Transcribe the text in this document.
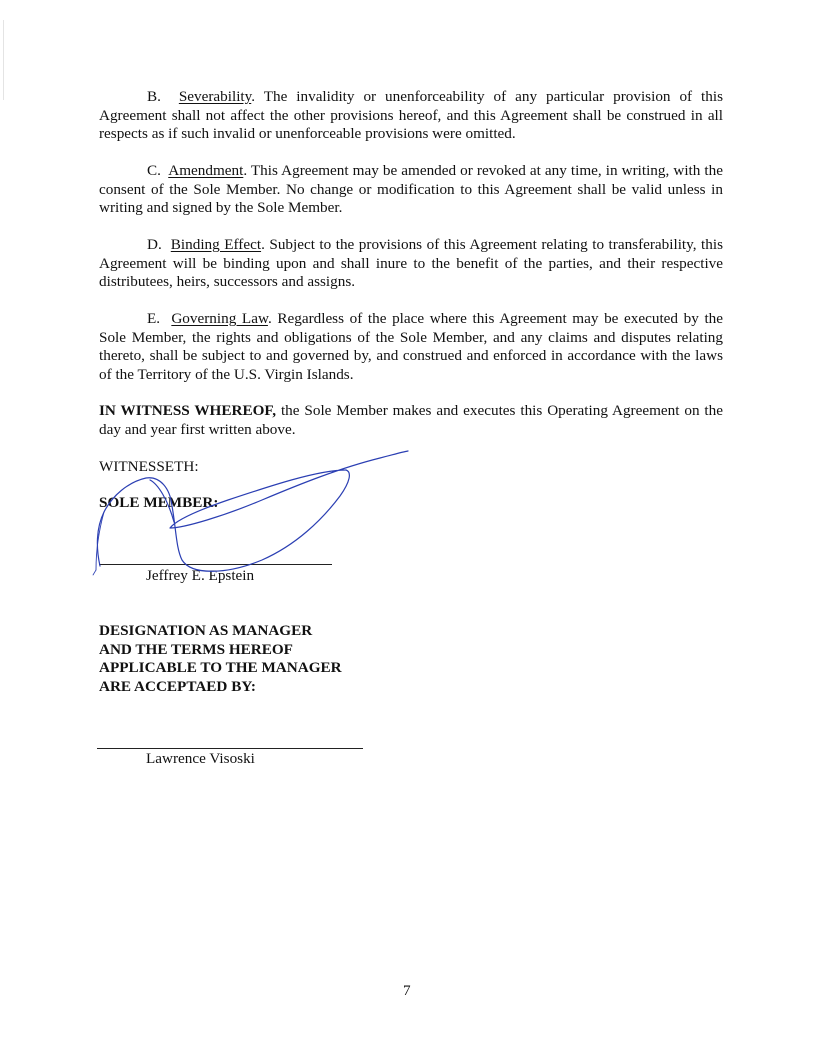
B. Severability. The invalidity or unenforceability of any particular provision of this Agreement shall not affect the other provisions hereof, and this Agreement shall be construed in all respects as if such invalid or unenforceable provisions were omitted.

C. Amendment. This Agreement may be amended or revoked at any time, in writing, with the consent of the Sole Member. No change or modification to this Agreement shall be valid unless in writing and signed by the Sole Member.

D. Binding Effect. Subject to the provisions of this Agreement relating to transferability, this Agreement will be binding upon and shall inure to the benefit of the parties, and their respective distributees, heirs, successors and assigns.

E. Governing Law. Regardless of the place where this Agreement may be executed by the Sole Member, the rights and obligations of the Sole Member, and any claims and disputes relating thereto, shall be subject to and governed by, and construed and enforced in accordance with the laws of the Territory of the U.S. Virgin Islands.

IN WITNESS WHEREOF, the Sole Member makes and executes this Operating Agreement on the day and year first written above.

WITNESSETH:
SOLE MEMBER:
Jeffrey E. Epstein
DESIGNATION AS MANAGER
AND THE TERMS HEREOF
APPLICABLE TO THE MANAGER
ARE ACCEPTAED BY:
Lawrence Visoski
7
